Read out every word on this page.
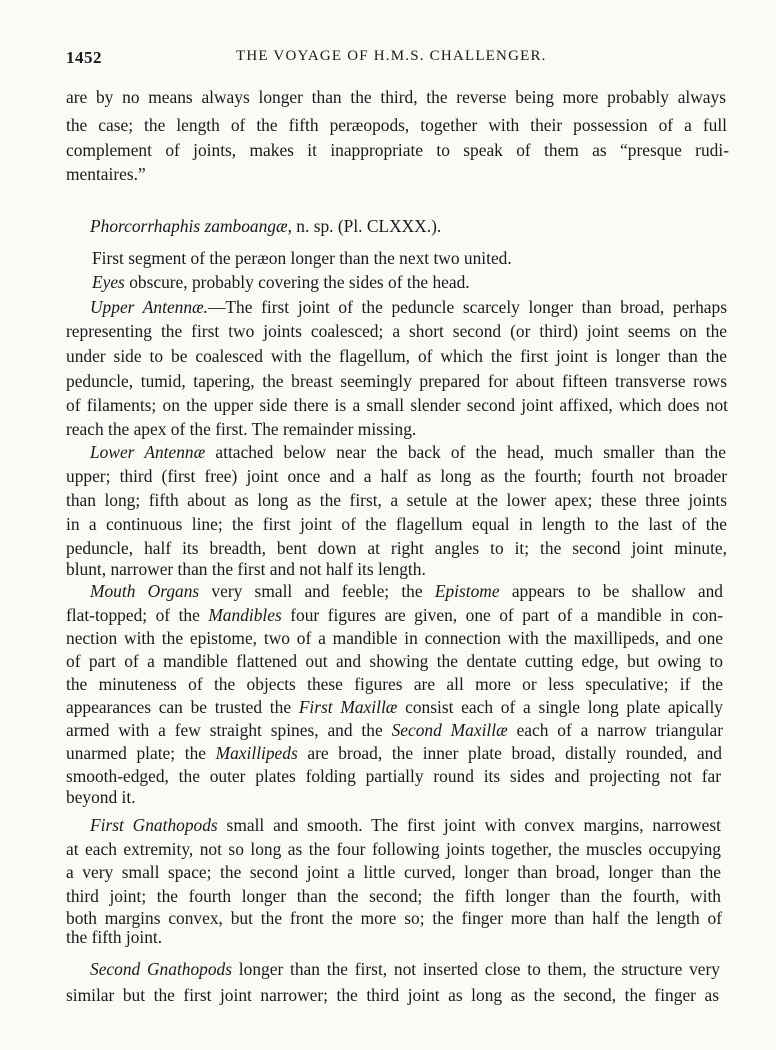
1452	THE VOYAGE OF H.M.S. CHALLENGER.
are by no means always longer than the third, the reverse being more probably always
the case; the length of the fifth peræopods, together with their possession of a full
complement of joints, makes it inappropriate to speak of them as “presque rudi-
mentaires.”
Phorcorrhaphis zamboangæ, n. sp. (Pl. CLXXX.).
First segment of the peræon longer than the next two united.
Eyes obscure, probably covering the sides of the head.
Upper Antennæ.—The first joint of the peduncle scarcely longer than broad, perhaps
representing the first two joints coalesced; a short second (or third) joint seems on the
under side to be coalesced with the flagellum, of which the first joint is longer than the
peduncle, tumid, tapering, the breast seemingly prepared for about fifteen transverse rows
of filaments; on the upper side there is a small slender second joint affixed, which does not
reach the apex of the first. The remainder missing.
Lower Antennæ attached below near the back of the head, much smaller than the
upper; third (first free) joint once and a half as long as the fourth; fourth not broader
than long; fifth about as long as the first, a setule at the lower apex; these three joints
in a continuous line; the first joint of the flagellum equal in length to the last of the
peduncle, half its breadth, bent down at right angles to it; the second joint minute,
blunt, narrower than the first and not half its length.
Mouth Organs very small and feeble; the Epistome appears to be shallow and
flat-topped; of the Mandibles four figures are given, one of part of a mandible in con-
nection with the epistome, two of a mandible in connection with the maxillipeds, and one
of part of a mandible flattened out and showing the dentate cutting edge, but owing to
the minuteness of the objects these figures are all more or less speculative; if the
appearances can be trusted the First Maxillæ consist each of a single long plate apically
armed with a few straight spines, and the Second Maxillæ each of a narrow triangular
unarmed plate; the Maxillipeds are broad, the inner plate broad, distally rounded, and
smooth-edged, the outer plates folding partially round its sides and projecting not far
beyond it.
First Gnathopods small and smooth. The first joint with convex margins, narrowest
at each extremity, not so long as the four following joints together, the muscles occupying
a very small space; the second joint a little curved, longer than broad, longer than the
third joint; the fourth longer than the second; the fifth longer than the fourth, with
both margins convex, but the front the more so; the finger more than half the length of
the fifth joint.
Second Gnathopods longer than the first, not inserted close to them, the structure very
similar but the first joint narrower; the third joint as long as the second, the finger as
